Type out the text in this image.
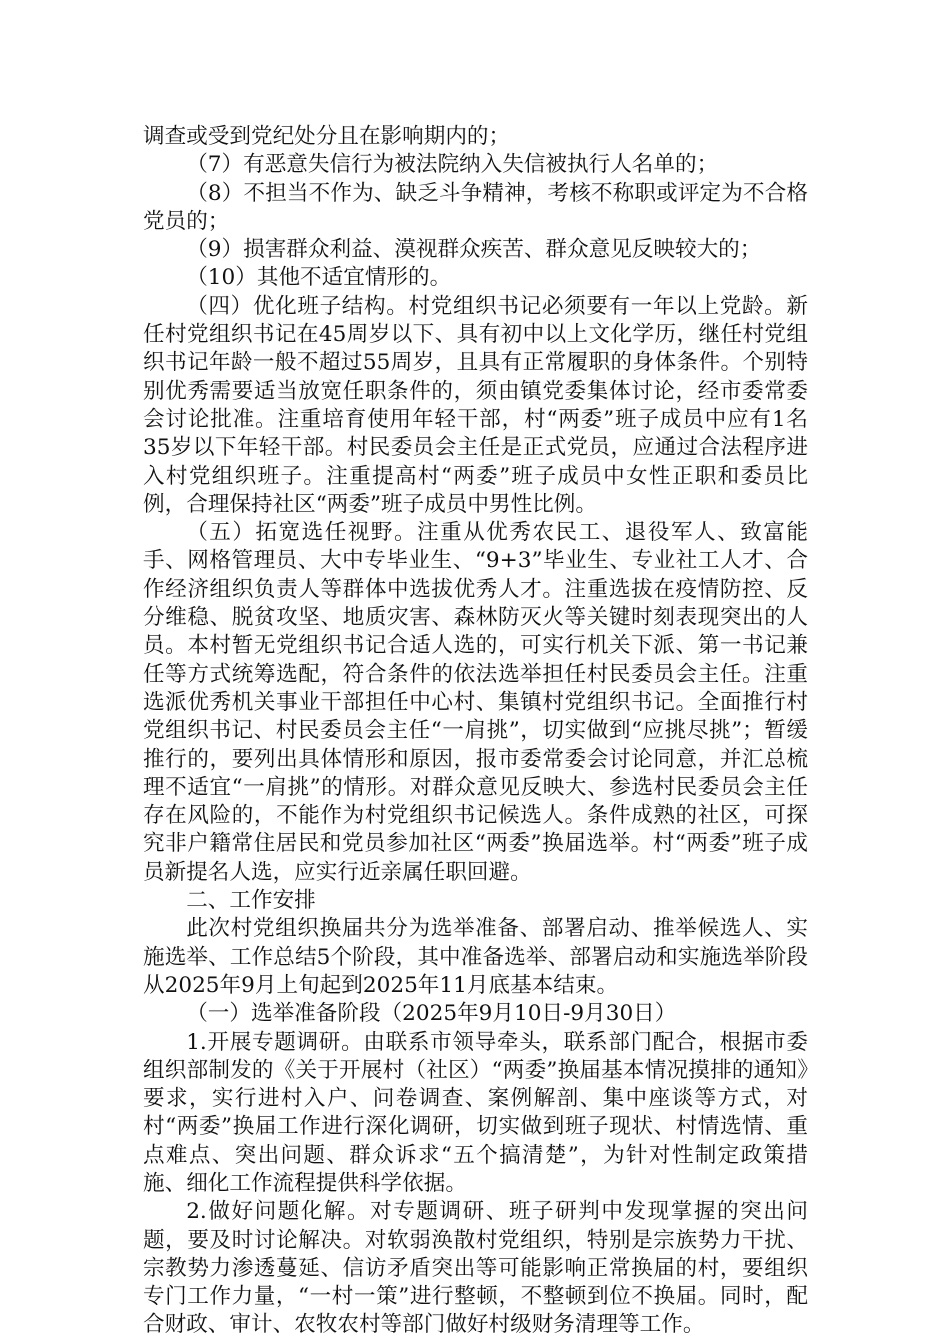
调查或受到党纪处分且在影响期内的；

（7）有恶意失信行为被法院纳入失信被执行人名单的；

（8）不担当不作为、缺乏斗争精神，考核不称职或评定为不合格党员的；

（9）损害群众利益、漠视群众疾苦、群众意见反映较大的；

（10）其他不适宜情形的。

（四）优化班子结构。村党组织书记必须要有一年以上党龄。新任村党组织书记在45周岁以下、具有初中以上文化学历，继任村党组织书记年龄一般不超过55周岁，且具有正常履职的身体条件。个别特别优秀需要适当放宽任职条件的，须由镇党委集体讨论，经市委常委会讨论批准。注重培育使用年轻干部，村“两委”班子成员中应有1名35岁以下年轻干部。村民委员会主任是正式党员，应通过合法程序进入村党组织班子。注重提高村“两委”班子成员中女性正职和委员比例，合理保持社区“两委”班子成员中男性比例。

（五）拓宽选任视野。注重从优秀农民工、退役军人、致富能手、网格管理员、大中专毕业生、“9+3”毕业生、专业社工人才、合作经济组织负责人等群体中选拔优秀人才。注重选拔在疫情防控、反分维稳、脱贫攻坚、地质灾害、森林防灭火等关键时刻表现突出的人员。本村暂无党组织书记合适人选的，可实行机关下派、第一书记兼任等方式统筹选配，符合条件的依法选举担任村民委员会主任。注重选派优秀机关事业干部担任中心村、集镇村党组织书记。全面推行村党组织书记、村民委员会主任“一肩挑”，切实做到“应挑尽挑”；暂缓推行的，要列出具体情形和原因，报市委常委会讨论同意，并汇总梳理不适宜“一肩挑”的情形。对群众意见反映大、参选村民委员会主任存在风险的，不能作为村党组织书记候选人。条件成熟的社区，可探究非户籍常住居民和党员参加社区“两委”换届选举。村“两委”班子成员新提名人选，应实行近亲属任职回避。

二、工作安排

此次村党组织换届共分为选举准备、部署启动、推举候选人、实施选举、工作总结5个阶段，其中准备选举、部署启动和实施选举阶段从2025年9月上旬起到2025年11月底基本结束。

（一）选举准备阶段（2025年9月10日-9月30日）

1.开展专题调研。由联系市领导牵头，联系部门配合，根据市委组织部制发的《关于开展村（社区）“两委”换届基本情况摸排的通知》要求，实行进村入户、问卷调查、案例解剖、集中座谈等方式，对村“两委”换届工作进行深化调研，切实做到班子现状、村情选情、重点难点、突出问题、群众诉求“五个搞清楚”，为针对性制定政策措施、细化工作流程提供科学依据。

2.做好问题化解。对专题调研、班子研判中发现掌握的突出问题，要及时讨论解决。对软弱涣散村党组织，特别是宗族势力干扰、宗教势力渗透蔓延、信访矛盾突出等可能影响正常换届的村，要组织专门工作力量，“一村一策”进行整顿，不整顿到位不换届。同时，配合财政、审计、农牧农村等部门做好村级财务清理等工作。
